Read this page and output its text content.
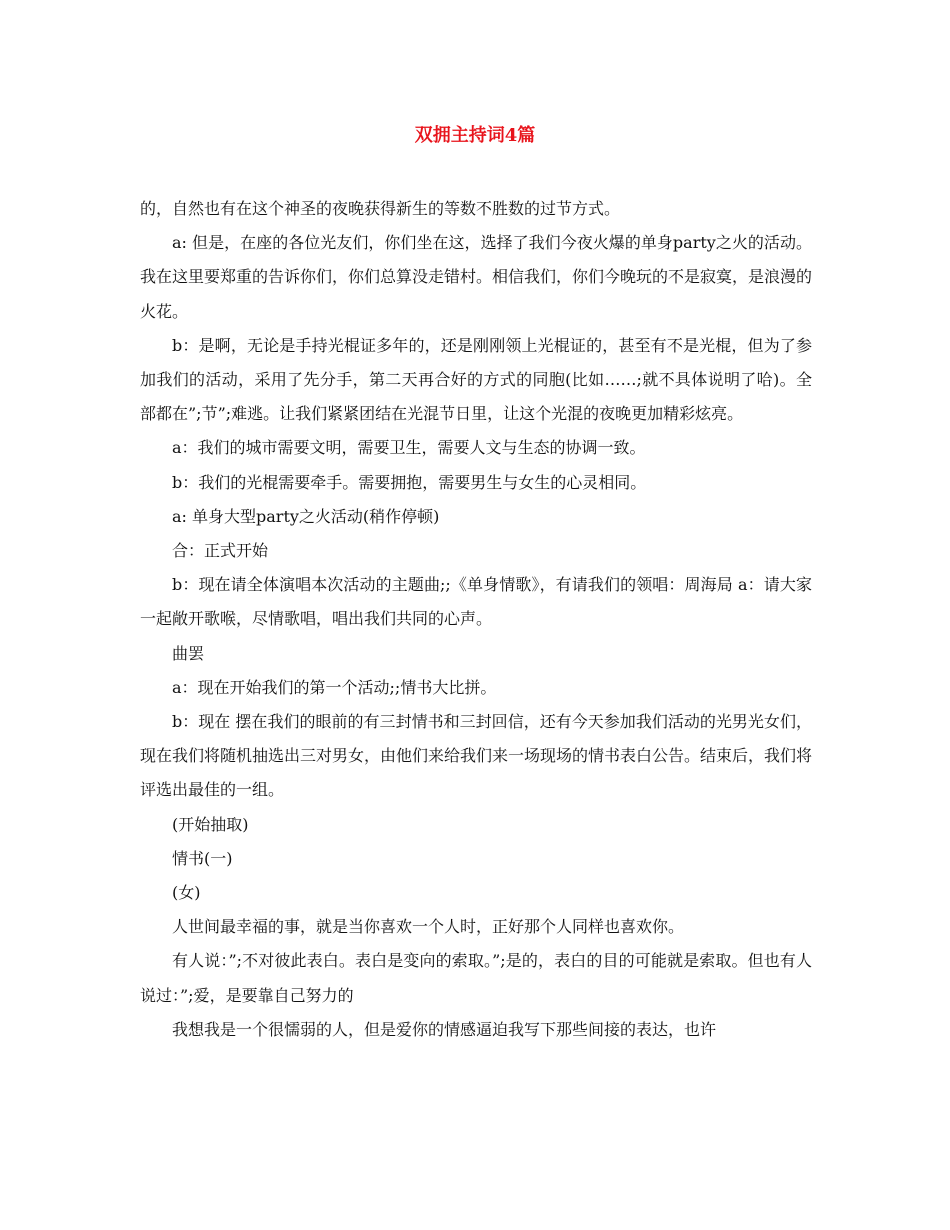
双拥主持词4篇

的，自然也有在这个神圣的夜晚获得新生的等数不胜数的过节方式。

a: 但是，在座的各位光友们，你们坐在这，选择了我们今夜火爆的单身party之火的活动。我在这里要郑重的告诉你们，你们总算没走错村。相信我们，你们今晚玩的不是寂寞，是浪漫的火花。

b：是啊，无论是手持光棍证多年的，还是刚刚领上光棍证的，甚至有不是光棍，但为了参加我们的活动，采用了先分手，第二天再合好的方式的同胞(比如……;就不具体说明了哈)。全部都在”;节”;难逃。让我们紧紧团结在光混节日里，让这个光混的夜晚更加精彩炫亮。

a：我们的城市需要文明，需要卫生，需要人文与生态的协调一致。

b：我们的光棍需要牵手。需要拥抱，需要男生与女生的心灵相同。

a: 单身大型party之火活动(稍作停顿)

合：正式开始

b：现在请全体演唱本次活动的主题曲;;《单身情歌》，有请我们的领唱：周海局 a：请大家一起敞开歌喉，尽情歌唱，唱出我们共同的心声。

曲罢

a：现在开始我们的第一个活动;;情书大比拼。

b：现在 摆在我们的眼前的有三封情书和三封回信，还有今天参加我们活动的光男光女们，现在我们将随机抽选出三对男女，由他们来给我们来一场现场的情书表白公告。结束后，我们将评选出最佳的一组。

(开始抽取)

情书(一)

(女)

人世间最幸福的事，就是当你喜欢一个人时，正好那个人同样也喜欢你。

有人说：”;不对彼此表白。表白是变向的索取。”;是的，表白的目的可能就是索取。但也有人说过：”;爱，是要靠自己努力的

我想我是一个很懦弱的人，但是爱你的情感逼迫我写下那些间接的表达，也许
